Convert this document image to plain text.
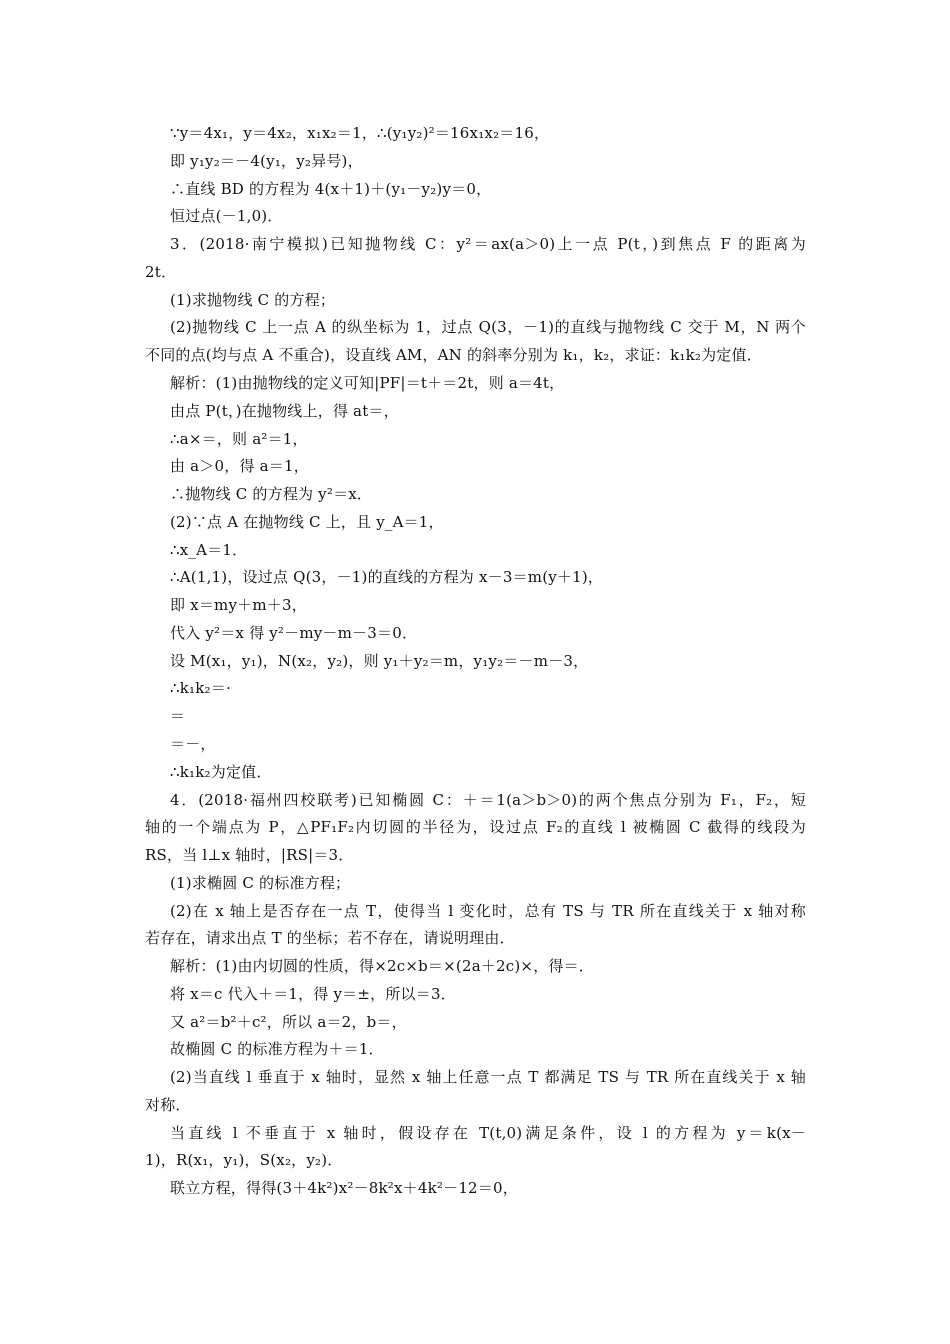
∵y＝4x₁，y＝4x₂，x₁x₂＝1，∴(y₁y₂)²＝16x₁x₂＝16，
即 y₁y₂＝－4(y₁，y₂异号)，
∴直线 BD 的方程为 4(x＋1)＋(y₁－y₂)y＝0，
恒过点(－1,0)．
3．(2018·南宁模拟)已知抛物线 C：y²＝ax(a＞0)上一点 P(t，)到焦点 F 的距离为
2t．
(1)求抛物线 C 的方程；
(2)抛物线 C 上一点 A 的纵坐标为 1，过点 Q(3，－1)的直线与抛物线 C 交于 M，N 两个
不同的点(均与点 A 不重合)，设直线 AM，AN 的斜率分别为 k₁，k₂，求证：k₁k₂为定值．
解析：(1)由抛物线的定义可知|PF|＝t＋＝2t，则 a＝4t，
由点 P(t，)在抛物线上，得 at＝，
∴a×＝，则 a²＝1，
由 a＞0，得 a＝1，
∴抛物线 C 的方程为 y²＝x．
(2)∵点 A 在抛物线 C 上，且 y_A＝1，
∴x_A＝1．
∴A(1,1)，设过点 Q(3，－1)的直线的方程为 x－3＝m(y＋1)，
即 x＝my＋m＋3，
代入 y²＝x 得 y²－my－m－3＝0．
设 M(x₁，y₁)，N(x₂，y₂)，则 y₁＋y₂＝m，y₁y₂＝－m－3，
∴k₁k₂＝·
＝
＝－，
∴k₁k₂为定值．
4．(2018·福州四校联考)已知椭圆 C：＋＝1(a＞b＞0)的两个焦点分别为 F₁，F₂，短
轴的一个端点为 P，△PF₁F₂内切圆的半径为，设过点 F₂的直线 l 被椭圆 C 截得的线段为
RS，当 l⊥x 轴时，|RS|＝3．
(1)求椭圆 C 的标准方程；
(2)在 x 轴上是否存在一点 T，使得当 l 变化时，总有 TS 与 TR 所在直线关于 x 轴对称
若存在，请求出点 T 的坐标；若不存在，请说明理由．
解析：(1)由内切圆的性质，得×2c×b＝×(2a＋2c)×，得＝．
将 x＝c 代入＋＝1，得 y＝±，所以＝3．
又 a²＝b²＋c²，所以 a＝2，b＝，
故椭圆 C 的标准方程为＋＝1．
(2)当直线 l 垂直于 x 轴时，显然 x 轴上任意一点 T 都满足 TS 与 TR 所在直线关于 x 轴
对称．
当直线 l 不垂直于 x 轴时，假设存在 T(t,0)满足条件，设 l 的方程为 y＝k(x－
1)，R(x₁，y₁)，S(x₂，y₂)．
联立方程，得得(3＋4k²)x²－8k²x＋4k²－12＝0，
